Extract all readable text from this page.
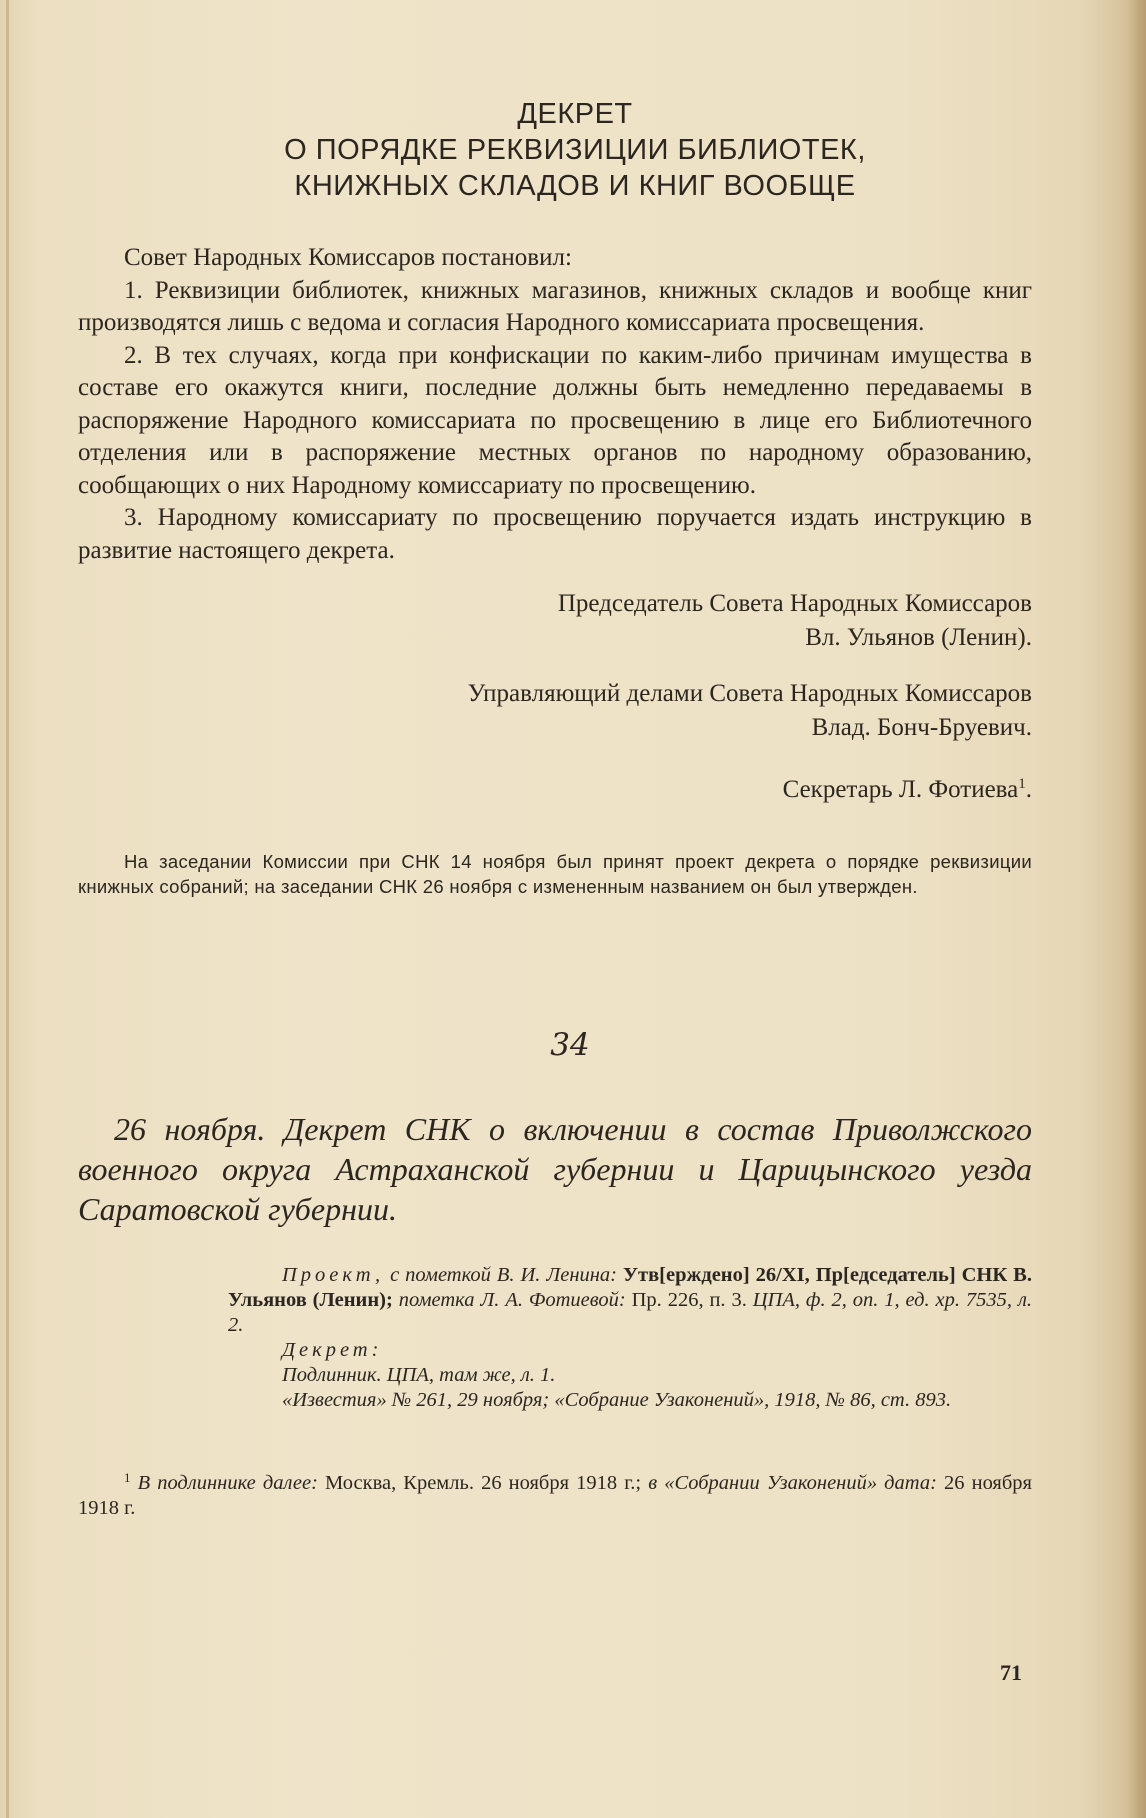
ДЕКРЕТ
О ПОРЯДКЕ РЕКВИЗИЦИИ БИБЛИОТЕК,
КНИЖНЫХ СКЛАДОВ И КНИГ ВООБЩЕ

Совет Народных Комиссаров постановил:

1. Реквизиции библиотек, книжных магазинов, книжных складов и вообще книг производятся лишь с ведома и согласия Народного комиссариата просвещения.

2. В тех случаях, когда при конфискации по каким-либо причинам имущества в составе его окажутся книги, последние должны быть немедленно передаваемы в распоряжение Народного комиссариата по просвещению в лице его Библиотечного отделения или в распоряжение местных органов по народному образованию, сообщающих о них Народному комиссариату по просвещению.

3. Народному комиссариату по просвещению поручается издать инструкцию в развитие настоящего декрета.

Председатель Совета Народных Комиссаров
Вл. Ульянов (Ленин).
Управляющий делами Совета Народных Комиссаров
Влад. Бонч-Бруевич.
Секретарь Л. Фотиева$^1$.

На заседании Комиссии при СНК 14 ноября был принят проект декрета о порядке реквизиции книжных собраний; на заседании СНК 26 ноября с измененным названием он был утвержден.

34

26 ноября. Декрет СНК о включении в состав Приволжского военного округа Астраханской губернии и Царицынского уезда Саратовской губернии.

Проект, с пометкой В. И. Ленина: Утв[ерждено] 26/XI, Пр[едседатель] СНК В. Ульянов (Ленин); пометка Л. А. Фотиевой: Пр. 226, п. 3. ЦПА, ф. 2, оп. 1, ед. хр. 7535, л. 2.

Декрет:

Подлинник. ЦПА, там же, л. 1.

«Известия» № 261, 29 ноября; «Собрание Узаконений», 1918, № 86, ст. 893.

$^1$ В подлиннике далее: Москва, Кремль. 26 ноября 1918 г.; в «Собрании Узаконений» дата: 26 ноября 1918 г.

71
